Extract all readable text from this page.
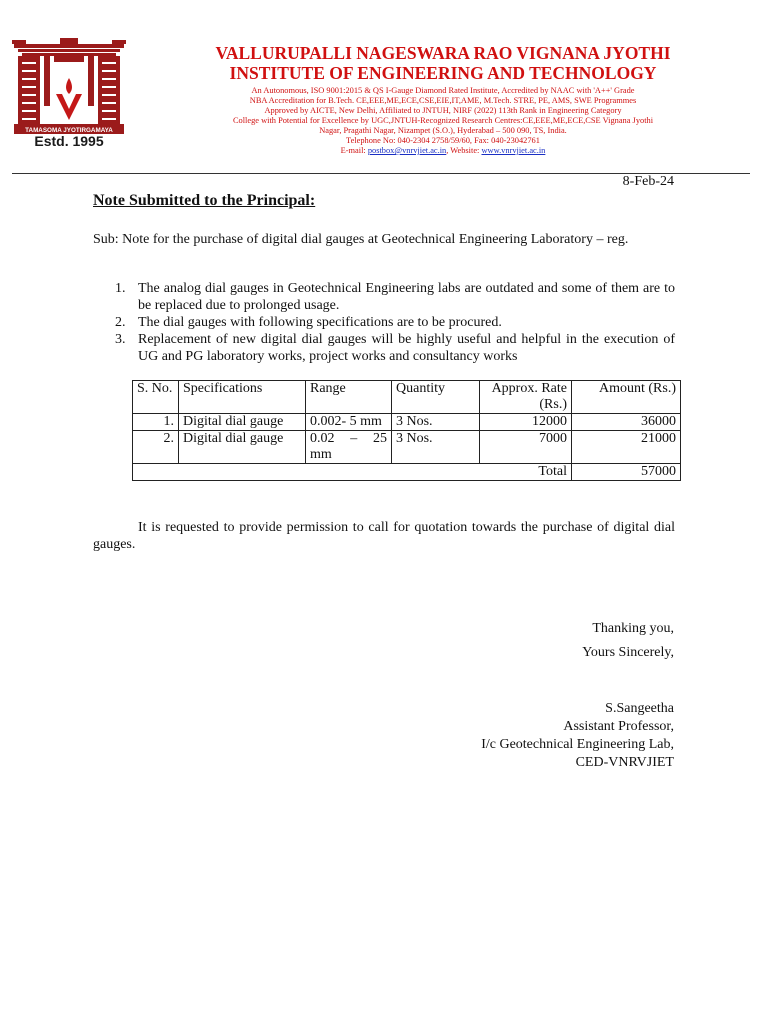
TAMASOMA JYOTIRGAMAYA
Estd. 1995
VALLURUPALLI NAGESWARA RAO VIGNANA JYOTHI
INSTITUTE OF ENGINEERING AND TECHNOLOGY
An Autonomous, ISO 9001:2015 & QS I-Gauge Diamond Rated Institute, Accredited by NAAC with 'A++' Grade
NBA Accreditation for B.Tech. CE,EEE,ME,ECE,CSE,EIE,IT,AME, M.Tech. STRE, PE, AMS, SWE Programmes
Approved by AICTE, New Delhi, Affiliated to JNTUH, NIRF (2022) 113th Rank in Engineering Category
College with Potential for Excellence by UGC,JNTUH-Recognized Research Centres:CE,EEE,ME,ECE,CSE Vignana Jyothi
Nagar, Pragathi Nagar, Nizampet (S.O.), Hyderabad – 500 090, TS, India.
Telephone No: 040-2304 2758/59/60, Fax: 040-23042761
E-mail: postbox@vnrvjiet.ac.in, Website: www.vnrvjiet.ac.in
8-Feb-24
Note Submitted to the Principal:
Sub: Note for the purchase of digital dial gauges at Geotechnical Engineering Laboratory – reg.
1. The analog dial gauges in Geotechnical Engineering labs are outdated and some of them are to be replaced due to prolonged usage.
2. The dial gauges with following specifications are to be procured.
3. Replacement of new digital dial gauges will be highly useful and helpful in the execution of UG and PG laboratory works, project works and consultancy works
S. No.	Specifications	Range	Quantity	Approx. Rate (Rs.)	Amount (Rs.)
1.	Digital dial gauge	0.002- 5 mm	3 Nos.	12000	36000
2.	Digital dial gauge	0.02 – 25 mm	3 Nos.	7000	21000
Total					57000
It is requested to provide permission to call for quotation towards the purchase of digital dial gauges.
Thanking you,
Yours Sincerely,
S.Sangeetha
Assistant Professor,
I/c Geotechnical Engineering Lab,
CED-VNRVJIET
